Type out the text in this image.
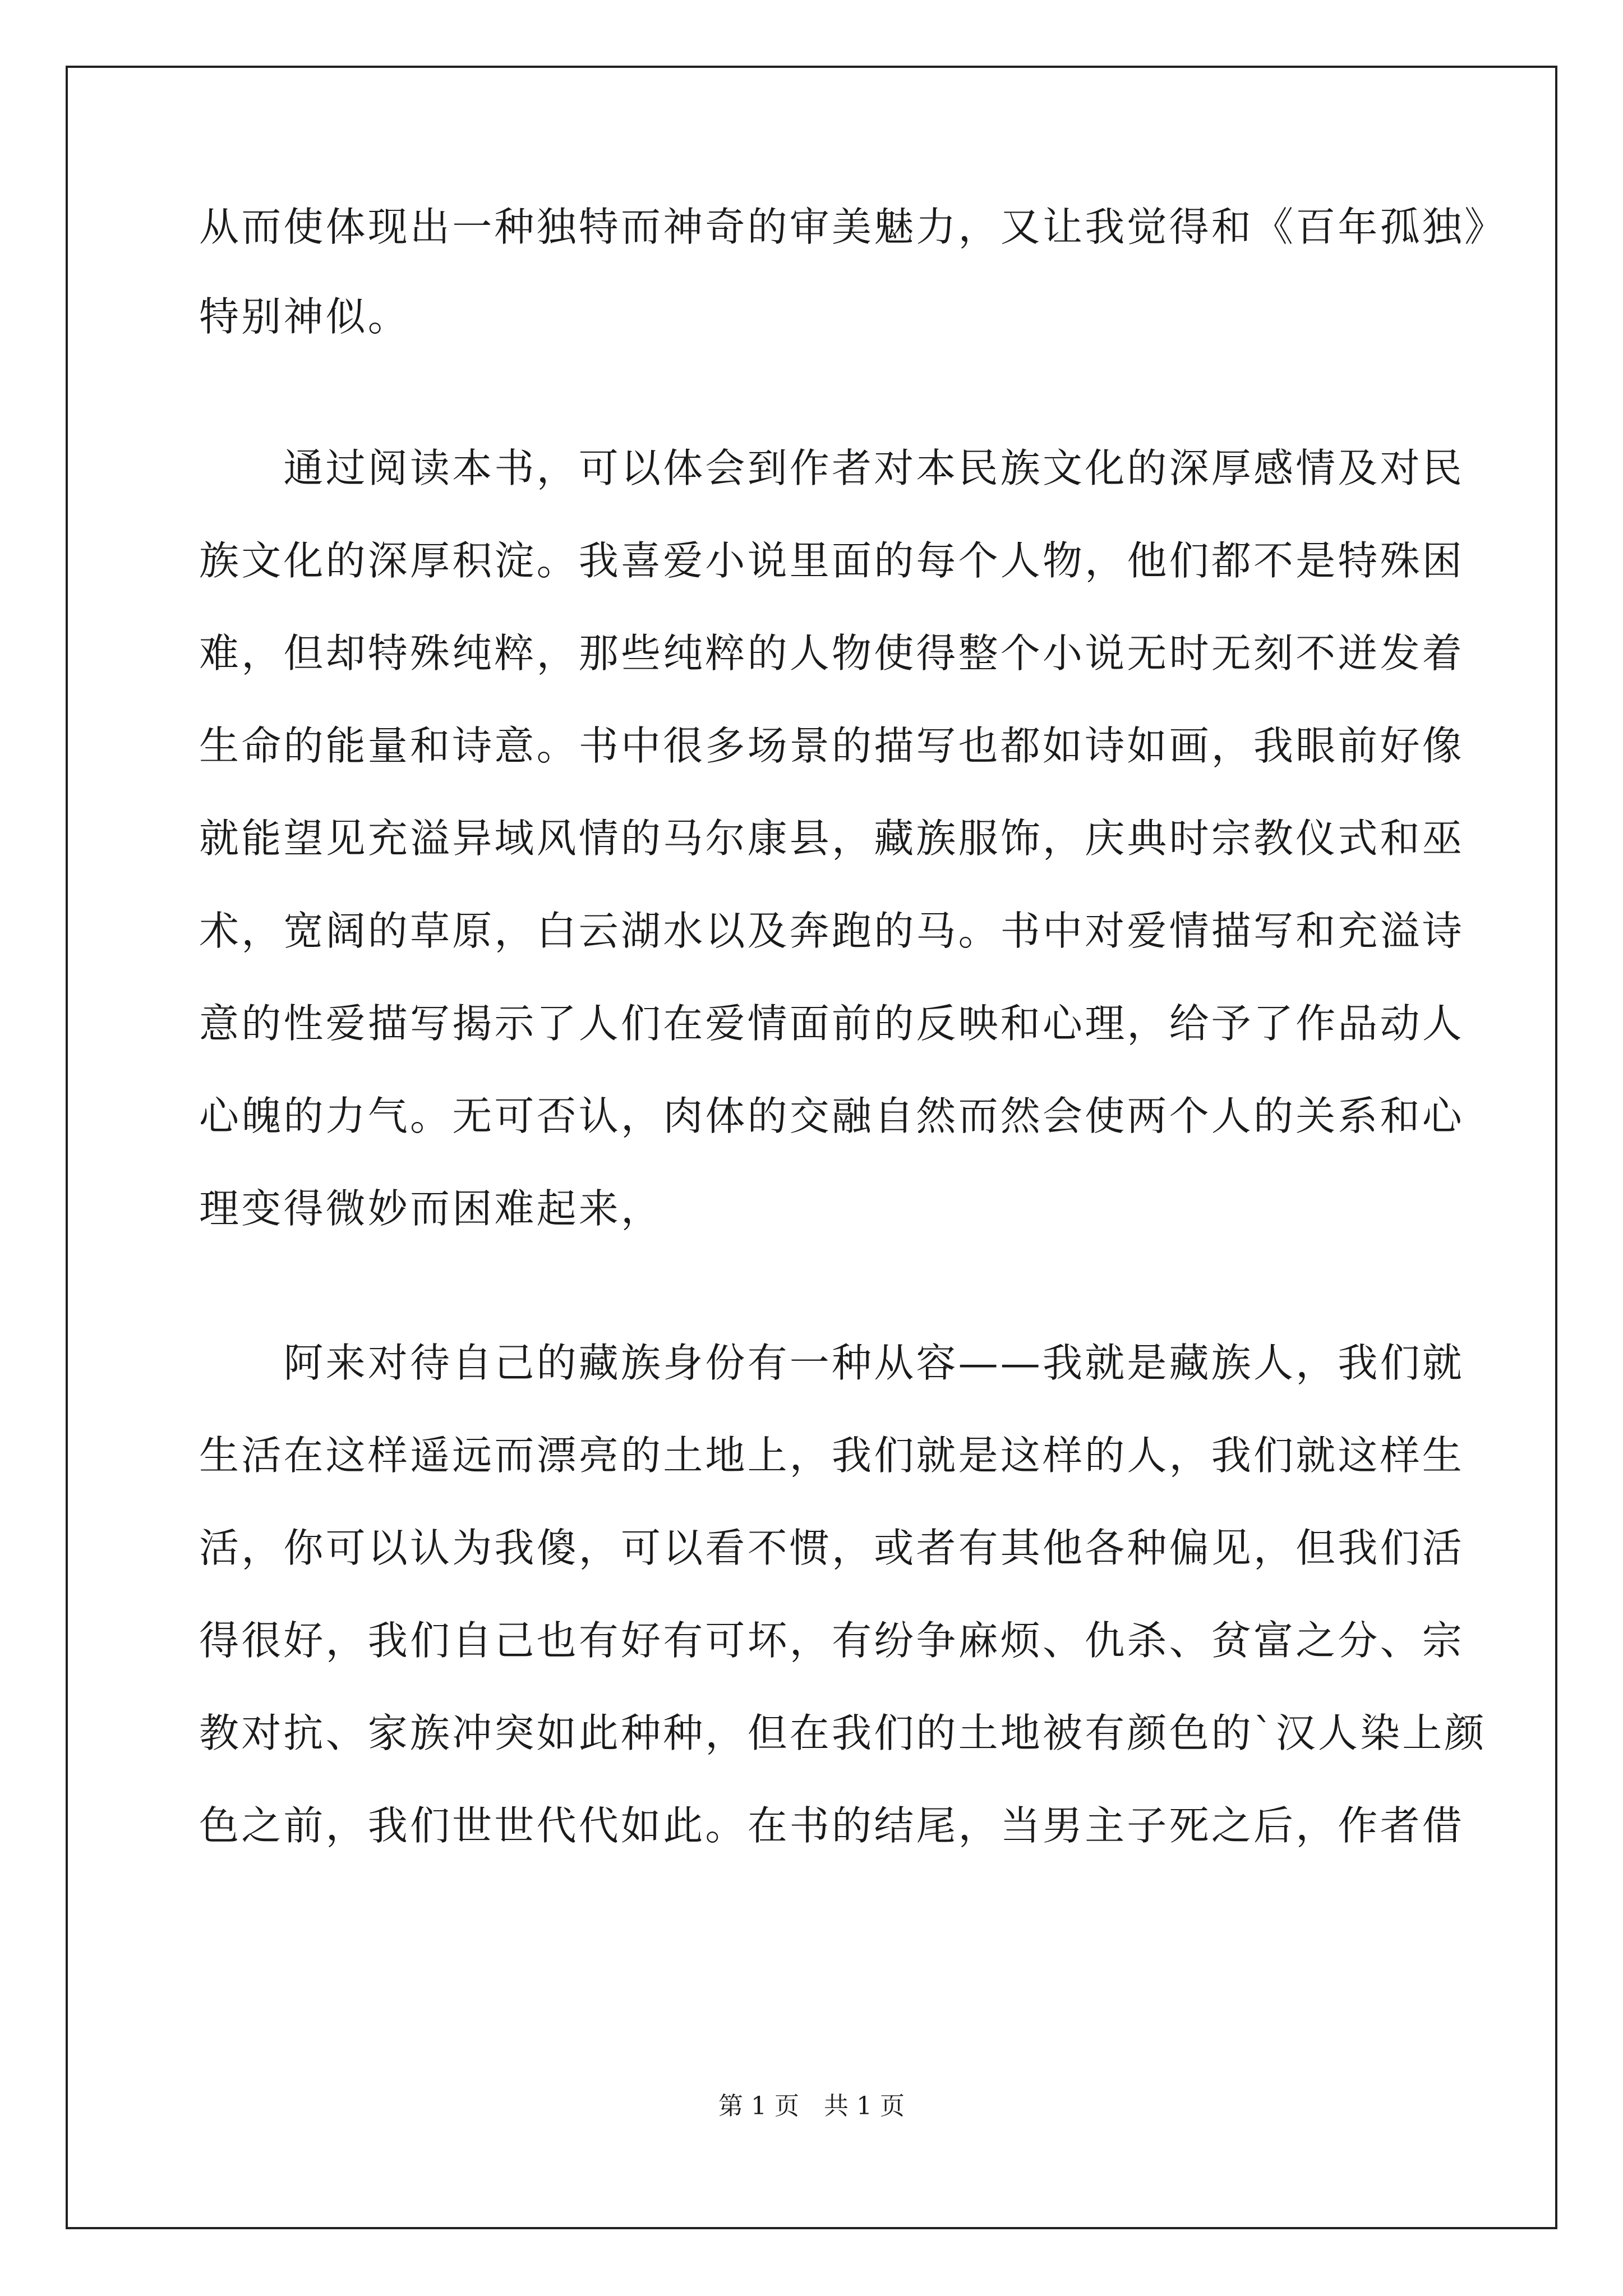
从而使体现出一种独特而神奇的审美魅力，又让我觉得和《百年孤独》
特别神似。
　　通过阅读本书，可以体会到作者对本民族文化的深厚感情及对民
族文化的深厚积淀。我喜爱小说里面的每个人物，他们都不是特殊困
难，但却特殊纯粹，那些纯粹的人物使得整个小说无时无刻不迸发着
生命的能量和诗意。书中很多场景的描写也都如诗如画，我眼前好像
就能望见充溢异域风情的马尔康县，藏族服饰，庆典时宗教仪式和巫
术，宽阔的草原，白云湖水以及奔跑的马。书中对爱情描写和充溢诗
意的性爱描写揭示了人们在爱情面前的反映和心理，给予了作品动人
心魄的力气。无可否认，肉体的交融自然而然会使两个人的关系和心
理变得微妙而困难起来，
　　阿来对待自己的藏族身份有一种从容——我就是藏族人，我们就
生活在这样遥远而漂亮的土地上，我们就是这样的人，我们就这样生
活，你可以认为我傻，可以看不惯，或者有其他各种偏见，但我们活
得很好，我们自己也有好有可坏，有纷争麻烦、仇杀、贫富之分、宗
教对抗、家族冲突如此种种，但在我们的土地被有颜色的`汉人染上颜
色之前，我们世世代代如此。在书的结尾，当男主子死之后，作者借
第 1 页　共 1 页
